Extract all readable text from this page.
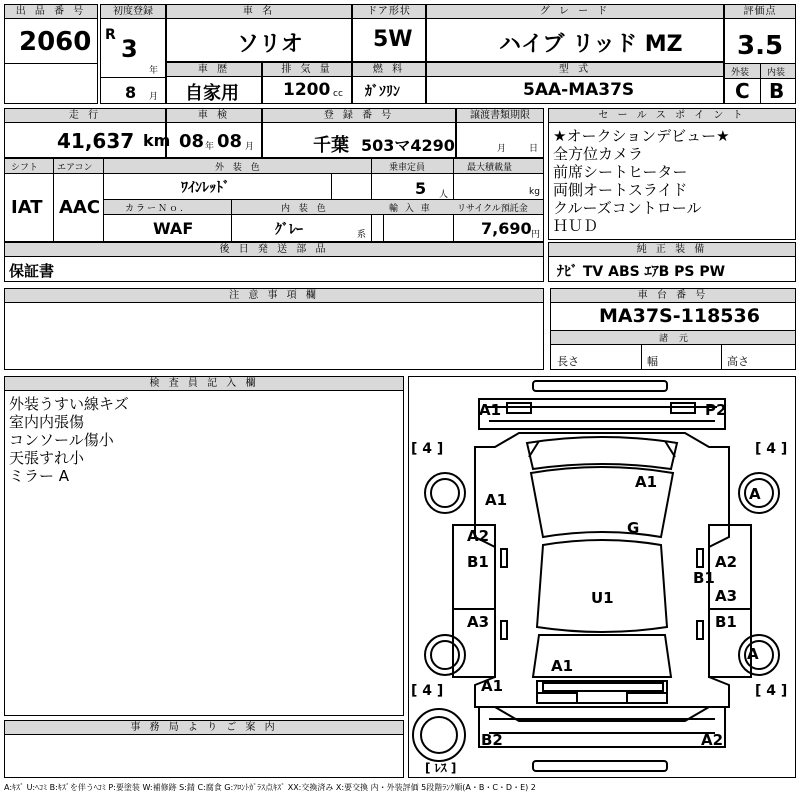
出 品 番 号
2060
初度登録
R 3
年
8 月
車 名
ソリオ
ドア形状
5W
グ レ ー ド
ハイブ リッド MZ
評価点
3.5
外装 内装
C B
車 歴
自家用
排 気 量
1200 cc
燃 料
ｶﾞｿﾘﾝ
型 式
5AA-MA37S
走 行
41,637 km
車 検
08 年 08 月
登 録 番 号
千葉 503マ4290
譲渡書類期限
月	日
セ ー ル ス ポ イ ン ト
★オークションデビュー★
全方位カメラ
前席シートヒーター
両側オートスライド
クルーズコントロール
ＨＵＤ
シフト エアコン	外 装 色	乗車定員	最大積載量
IAT AAC
ﾜｲﾝﾚｯﾄﾞ	5 人	kg
カラーＮｏ.	内 装 色	輸 入 車	リサイクル預託金
WAF	ｸﾞﾚｰ	系	7,690 円
後 日 発 送 部 品
保証書
純 正 装 備
ﾅﾋﾞ TV ABS ｴｱB PS PW
注 意 事 項 欄	車 台 番 号
MA37S-118536
諸 元
長さ	幅	高さ
検 査 員 記 入 欄
外装うすい線キズ
室内内張傷
コンソール傷小
天張すれ小
ミラー A
事 務 局 よ り ご 案 内
[ 4 ]	[ 4 ]
[ 4 ]	[ 4 ]
[ ﾚｽ ]
A1	P2
A1
A1	A
G
A2
B1	A2
B1
U1	A3
A3	B1
A1
A
A1
B2	A2
A:ｷｽﾞ U:ﾍｺﾐ B:ｷｽﾞを伴うﾍｺﾐ P:要塗装 W:補修跡 S:錆 C:腐食 G:ﾌﾛﾝﾄｶﾞﾗｽ点ｷｽﾞ XX:交換済み X:要交換 内・外装評価 5段階ﾗﾝｸ順(A・B・C・D・E) 2
